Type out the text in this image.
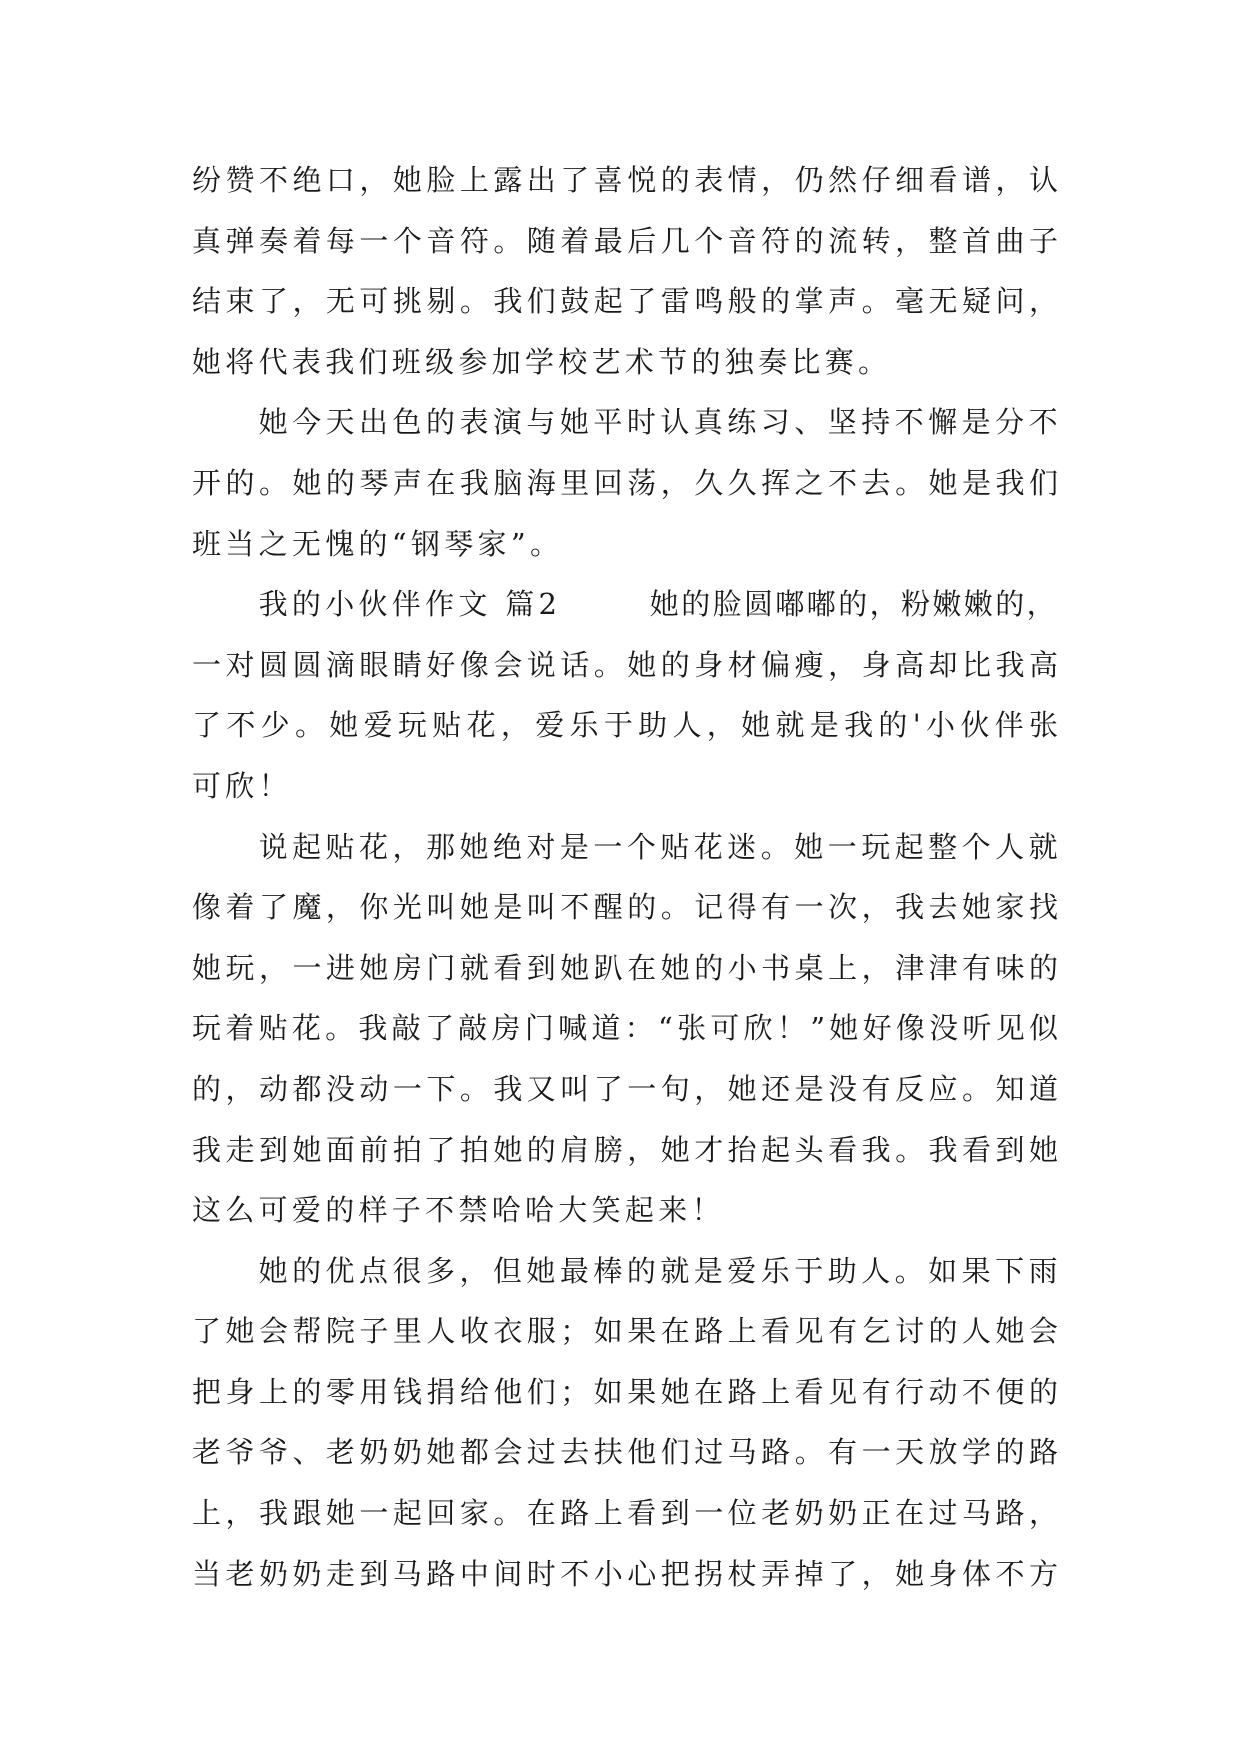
纷赞不绝口，她脸上露出了喜悦的表情，仍然仔细看谱，认
真弹奏着每一个音符。随着最后几个音符的流转，整首曲子
结束了，无可挑剔。我们鼓起了雷鸣般的掌声。毫无疑问，
她将代表我们班级参加学校艺术节的独奏比赛。
她今天出色的表演与她平时认真练习、坚持不懈是分不
开的。她的琴声在我脑海里回荡，久久挥之不去。她是我们
班当之无愧的“钢琴家”。
我的小伙伴作文 篇2	她的脸圆嘟嘟的，粉嫩嫩的，
一对圆圆滴眼睛好像会说话。她的身材偏瘦，身高却比我高
了不少。她爱玩贴花，爱乐于助人，她就是我的'小伙伴张
可欣！
说起贴花，那她绝对是一个贴花迷。她一玩起整个人就
像着了魔，你光叫她是叫不醒的。记得有一次，我去她家找
她玩，一进她房门就看到她趴在她的小书桌上，津津有味的
玩着贴花。我敲了敲房门喊道：“张可欣！”她好像没听见似
的，动都没动一下。我又叫了一句，她还是没有反应。知道
我走到她面前拍了拍她的肩膀，她才抬起头看我。我看到她
这么可爱的样子不禁哈哈大笑起来！
她的优点很多，但她最棒的就是爱乐于助人。如果下雨
了她会帮院子里人收衣服；如果在路上看见有乞讨的人她会
把身上的零用钱捐给他们；如果她在路上看见有行动不便的
老爷爷、老奶奶她都会过去扶他们过马路。有一天放学的路
上，我跟她一起回家。在路上看到一位老奶奶正在过马路，
当老奶奶走到马路中间时不小心把拐杖弄掉了，她身体不方
